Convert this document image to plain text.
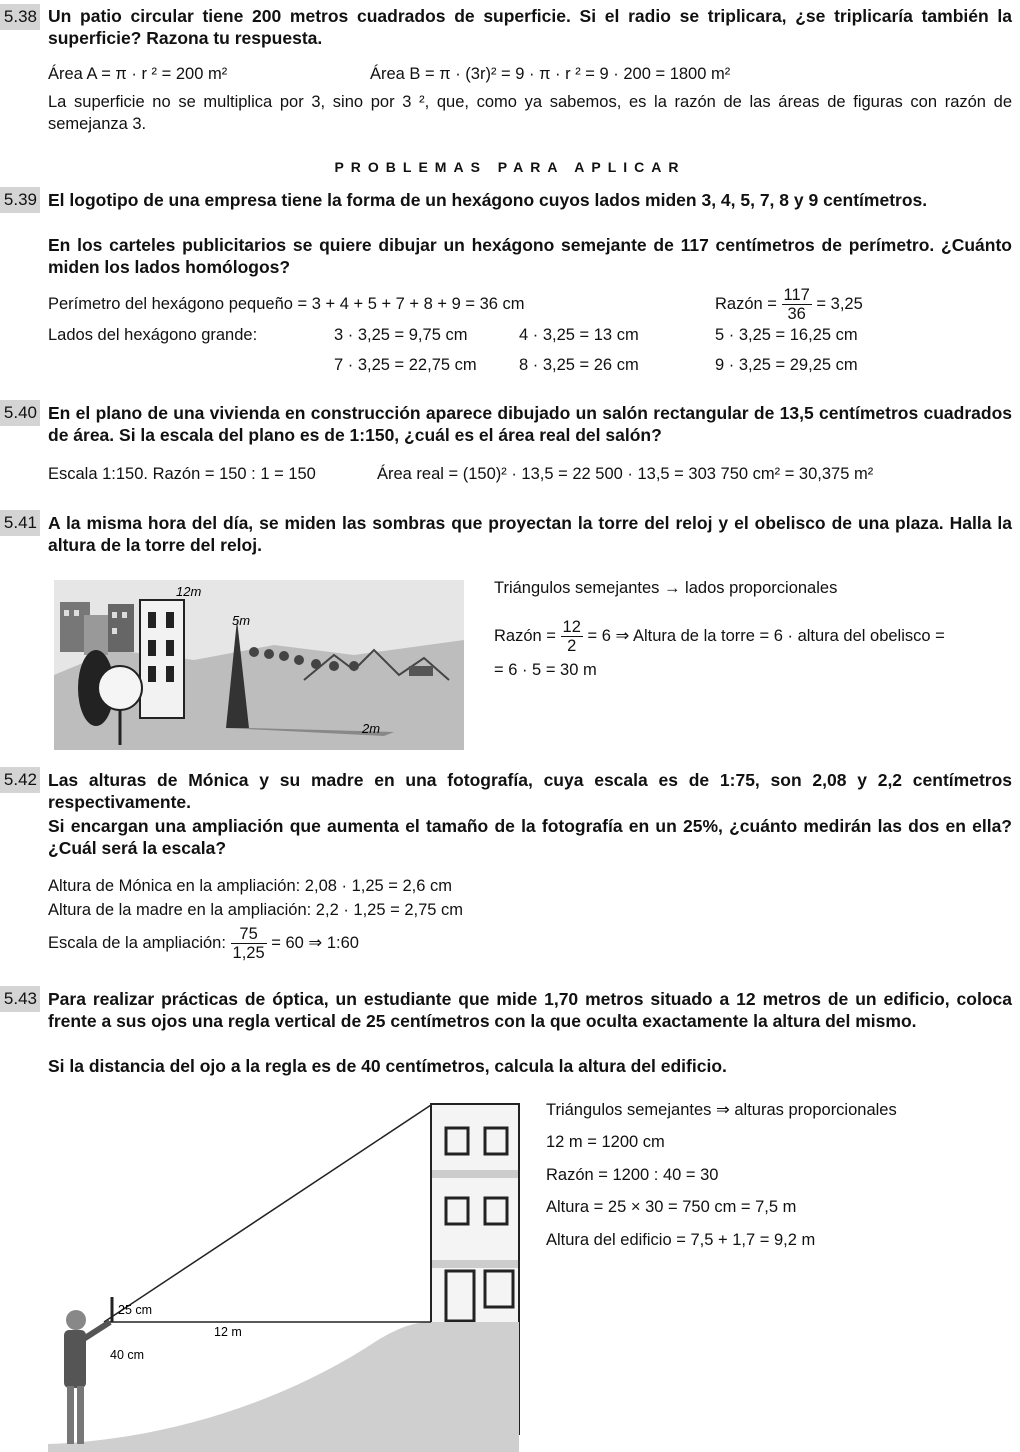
5.38 Un patio circular tiene 200 metros cuadrados de superficie. Si el radio se triplicara, ¿se triplicaría también la superficie? Razona tu respuesta.
Área A = π · r ² = 200 m²	Área B = π · (3r)² = 9 · π · r ² = 9 · 200 = 1800 m²
La superficie no se multiplica por 3, sino por 3 ², que, como ya sabemos, es la razón de las áreas de figuras con razón de semejanza 3.
PROBLEMAS PARA APLICAR
5.39 El logotipo de una empresa tiene la forma de un hexágono cuyos lados miden 3, 4, 5, 7, 8 y 9 centímetros.
En los carteles publicitarios se quiere dibujar un hexágono semejante de 117 centímetros de perímetro. ¿Cuánto miden los lados homólogos?
Perímetro del hexágono pequeño = 3 + 4 + 5 + 7 + 8 + 9 = 36 cm	Razón = $\frac{117}{36} = 3,25$
Lados del hexágono grande:	3 · 3,25 = 9,75 cm	4 · 3,25 = 13 cm	5 · 3,25 = 16,25 cm
7 · 3,25 = 22,75 cm	8 · 3,25 = 26 cm	9 · 3,25 = 29,25 cm
5.40 En el plano de una vivienda en construcción aparece dibujado un salón rectangular de 13,5 centímetros cuadrados de área. Si la escala del plano es de 1:150, ¿cuál es el área real del salón?
Escala 1:150. Razón = 150 : 1 = 150	Área real = (150)² · 13,5 = 22 500 · 13,5 = 303 750 cm² = 30,375 m²
5.41 A la misma hora del día, se miden las sombras que proyectan la torre del reloj y el obelisco de una plaza. Halla la altura de la torre del reloj.
12m
5m
2m
Triángulos semejantes → lados proporcionales
Razón = $\frac{12}{2} = 6$ ⇒ Altura de la torre = 6 · altura del obelisco =
= 6 · 5 = 30 m
5.42 Las alturas de Mónica y su madre en una fotografía, cuya escala es de 1:75, son 2,08 y 2,2 centímetros respectivamente.
Si encargan una ampliación que aumenta el tamaño de la fotografía en un 25%, ¿cuánto medirán las dos en ella? ¿Cuál será la escala?
Altura de Mónica en la ampliación: 2,08 · 1,25 = 2,6 cm
Altura de la madre en la ampliación: 2,2 · 1,25 = 2,75 cm
Escala de la ampliación: $\frac{75}{1,25} = 60$ ⇒ 1:60
5.43 Para realizar prácticas de óptica, un estudiante que mide 1,70 metros situado a 12 metros de un edificio, coloca frente a sus ojos una regla vertical de 25 centímetros con la que oculta exactamente la altura del mismo.
Si la distancia del ojo a la regla es de 40 centímetros, calcula la altura del edificio.
25 cm
12 m
40 cm
Triángulos semejantes ⇒ alturas proporcionales
12 m = 1200 cm
Razón = 1200 : 40 = 30
Altura = 25 × 30 = 750 cm = 7,5 m
Altura del edificio = 7,5 + 1,7 = 9,2 m
